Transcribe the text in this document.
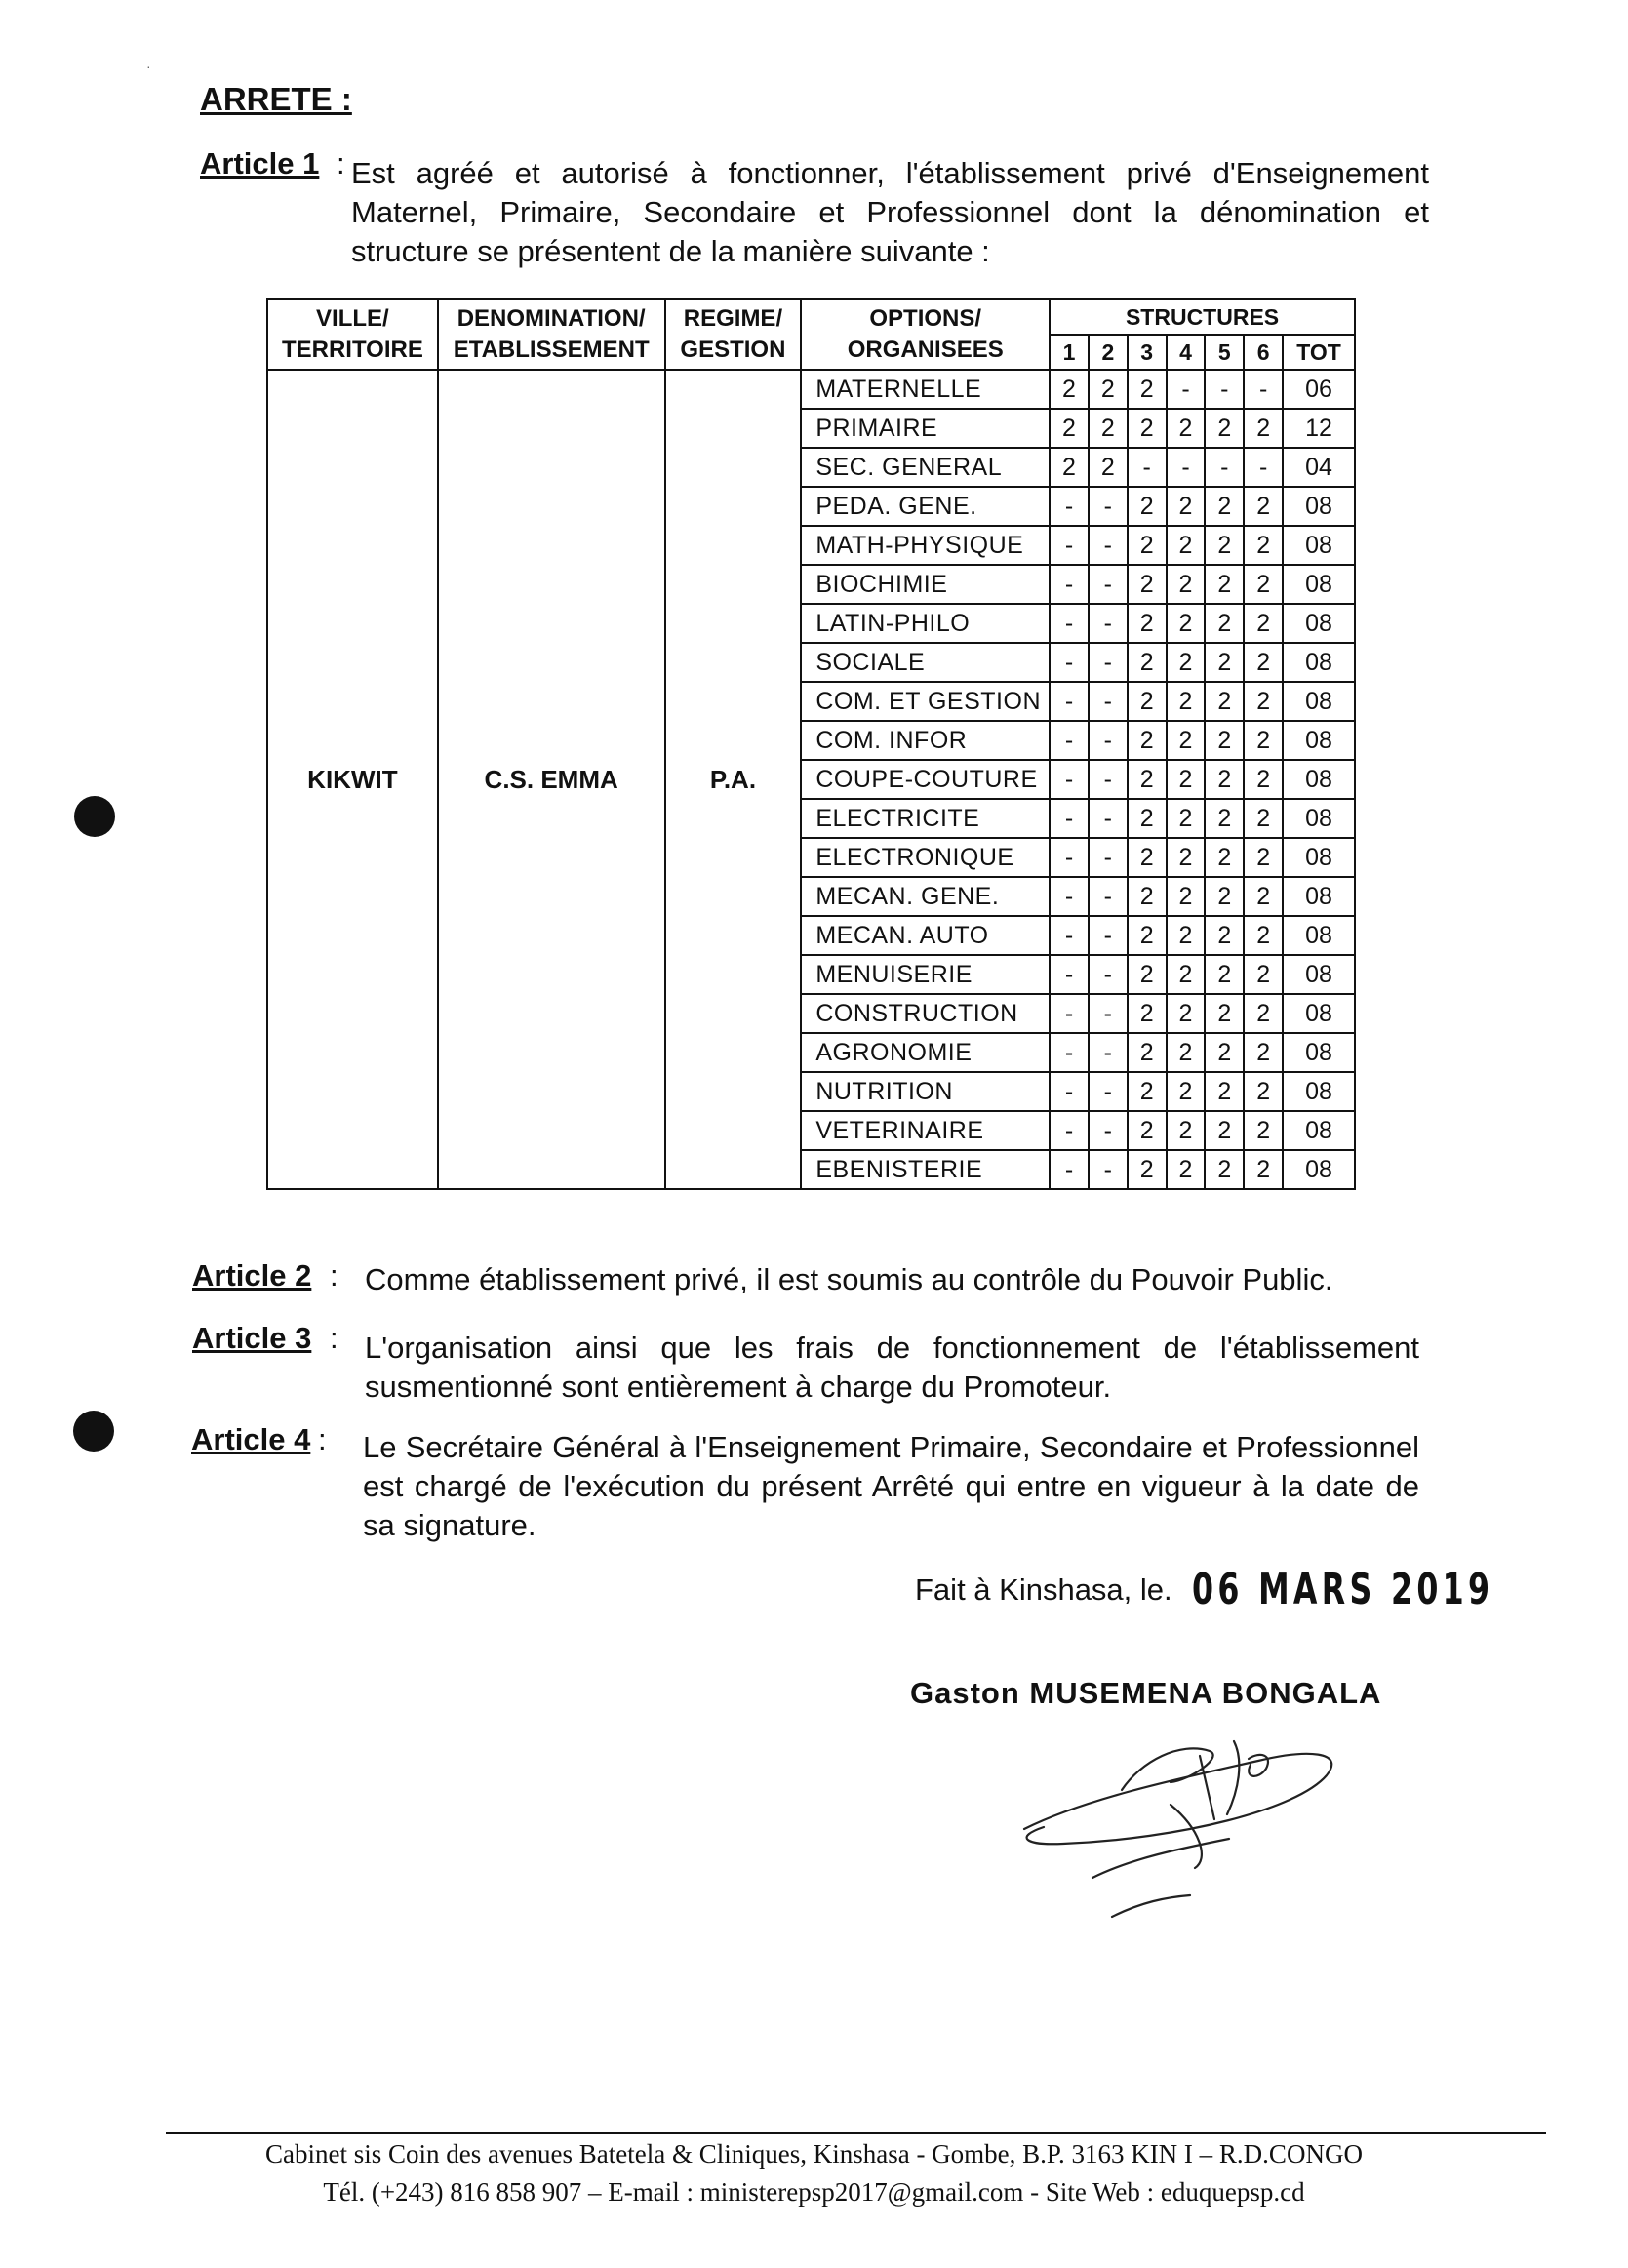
·
ARRETE :
Article 1 : Est agréé et autorisé à fonctionner, l'établissement privé d'Enseignement Maternel, Primaire, Secondaire et Professionnel dont la dénomination et structure se présentent de la manière suivante :
VILLE/ TERRITOIRE	DENOMINATION/ ETABLISSEMENT	REGIME/ GESTION	OPTIONS/ ORGANISEES	STRUCTURES						
				1	2	3	4	5	6	TOT
KIKWIT	C.S. EMMA	P.A.	MATERNELLE	2	2	2	-	-	-	06
			PRIMAIRE	2	2	2	2	2	2	12
			SEC. GENERAL	2	2	-	-	-	-	04
			PEDA. GENE.	-	-	2	2	2	2	08
			MATH-PHYSIQUE	-	-	2	2	2	2	08
			BIOCHIMIE	-	-	2	2	2	2	08
			LATIN-PHILO	-	-	2	2	2	2	08
			SOCIALE	-	-	2	2	2	2	08
			COM. ET GESTION	-	-	2	2	2	2	08
			COM. INFOR	-	-	2	2	2	2	08
			COUPE-COUTURE	-	-	2	2	2	2	08
			ELECTRICITE	-	-	2	2	2	2	08
			ELECTRONIQUE	-	-	2	2	2	2	08
			MECAN. GENE.	-	-	2	2	2	2	08
			MECAN. AUTO	-	-	2	2	2	2	08
			MENUISERIE	-	-	2	2	2	2	08
			CONSTRUCTION	-	-	2	2	2	2	08
			AGRONOMIE	-	-	2	2	2	2	08
			NUTRITION	-	-	2	2	2	2	08
			VETERINAIRE	-	-	2	2	2	2	08
			EBENISTERIE	-	-	2	2	2	2	08
Article 2 : Comme établissement privé, il est soumis au contrôle du Pouvoir Public.
Article 3 : L'organisation ainsi que les frais de fonctionnement de l'établissement susmentionné sont entièrement à charge du Promoteur.
Article 4 : Le Secrétaire Général à l'Enseignement Primaire, Secondaire et Professionnel est chargé de l'exécution du présent Arrêté qui entre en vigueur à la date de sa signature.
Fait à Kinshasa, le. 06 MARS 2019
Gaston MUSEMENA BONGALA
Cabinet sis Coin des avenues Batetela & Cliniques, Kinshasa - Gombe, B.P. 3163 KIN I – R.D.CONGO
Tél. (+243) 816 858 907 – E-mail : ministerepsp2017@gmail.com - Site Web : eduquepsp.cd
